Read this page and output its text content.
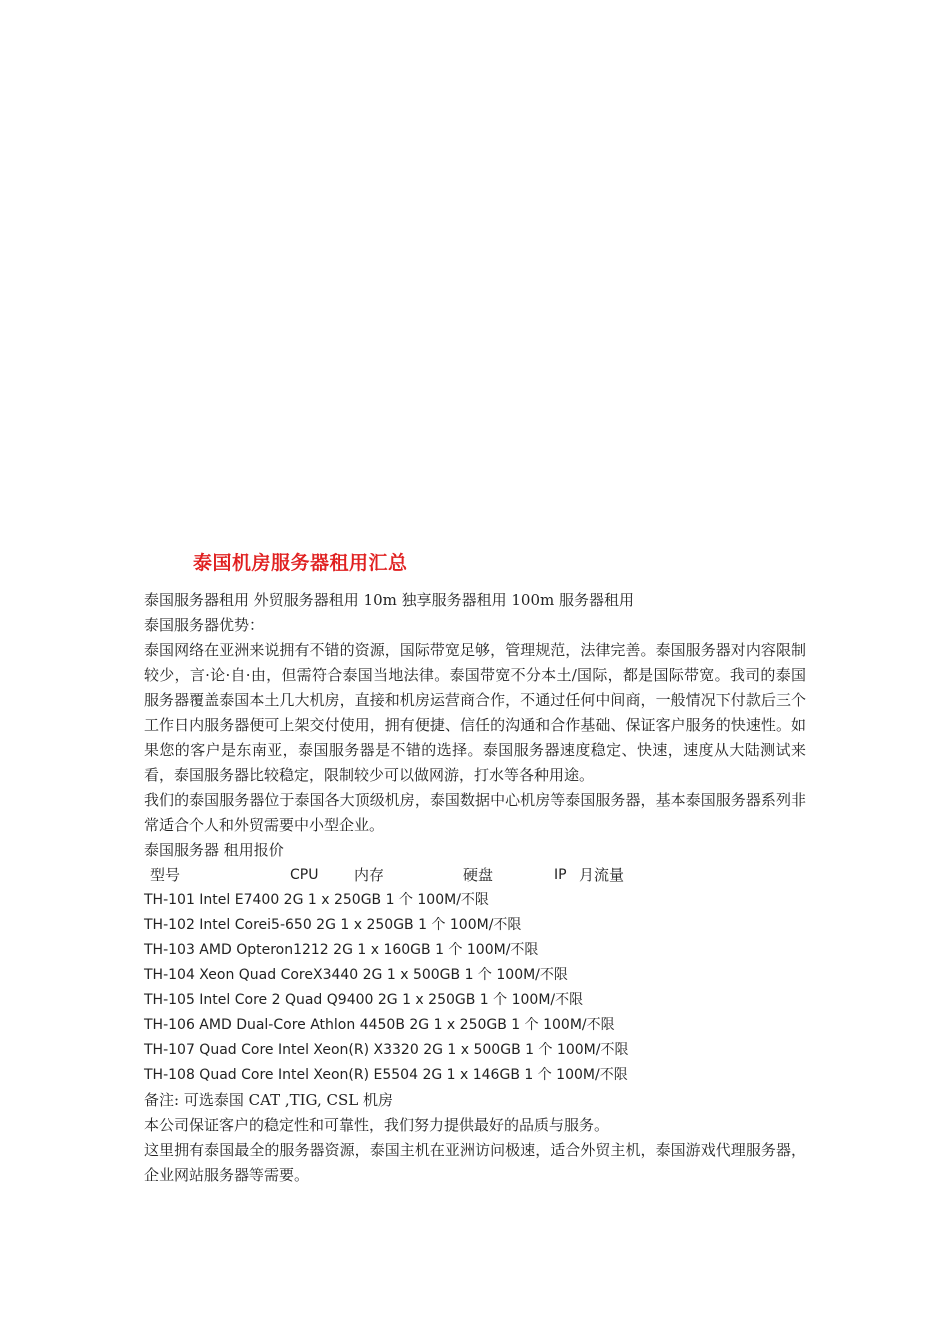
泰国机房服务器租用汇总
泰国服务器租用 外贸服务器租用 10m 独享服务器租用 100m 服务器租用
泰国服务器优势：
泰国网络在亚洲来说拥有不错的资源，国际带宽足够，管理规范，法律完善。泰国服务器对内容限制较少，言·论·自·由，但需符合泰国当地法律。泰国带宽不分本土/国际，都是国际带宽。我司的泰国服务器覆盖泰国本土几大机房，直接和机房运营商合作，不通过任何中间商，一般情况下付款后三个工作日内服务器便可上架交付使用，拥有便捷、信任的沟通和合作基础、保证客户服务的快速性。如果您的客户是东南亚，泰国服务器是不错的选择。泰国服务器速度稳定、快速，速度从大陆测试来看，泰国服务器比较稳定，限制较少可以做网游，打水等各种用途。
我们的泰国服务器位于泰国各大顶级机房，泰国数据中心机房等泰国服务器，基本泰国服务器系列非常适合个人和外贸需要中小型企业。
泰国服务器 租用报价
型号	CPU 内存	硬盘	IP 月流量
TH-101 Intel E7400 2G 1 x 250GB 1 个 100M/不限
TH-102 Intel Corei5-650 2G 1 x 250GB 1 个 100M/不限
TH-103 AMD Opteron1212 2G 1 x 160GB 1 个 100M/不限
TH-104 Xeon Quad CoreX3440 2G 1 x 500GB 1 个 100M/不限
TH-105 Intel Core 2 Quad Q9400 2G 1 x 250GB 1 个 100M/不限
TH-106 AMD Dual-Core Athlon 4450B 2G 1 x 250GB 1 个 100M/不限
TH-107 Quad Core Intel Xeon(R) X3320 2G 1 x 500GB 1 个 100M/不限
TH-108 Quad Core Intel Xeon(R) E5504 2G 1 x 146GB 1 个 100M/不限
备注: 可选泰国 CAT ,TIG, CSL 机房
本公司保证客户的稳定性和可靠性，我们努力提供最好的品质与服务。
这里拥有泰国最全的服务器资源，泰国主机在亚洲访问极速，适合外贸主机，泰国游戏代理服务器，企业网站服务器等需要。
